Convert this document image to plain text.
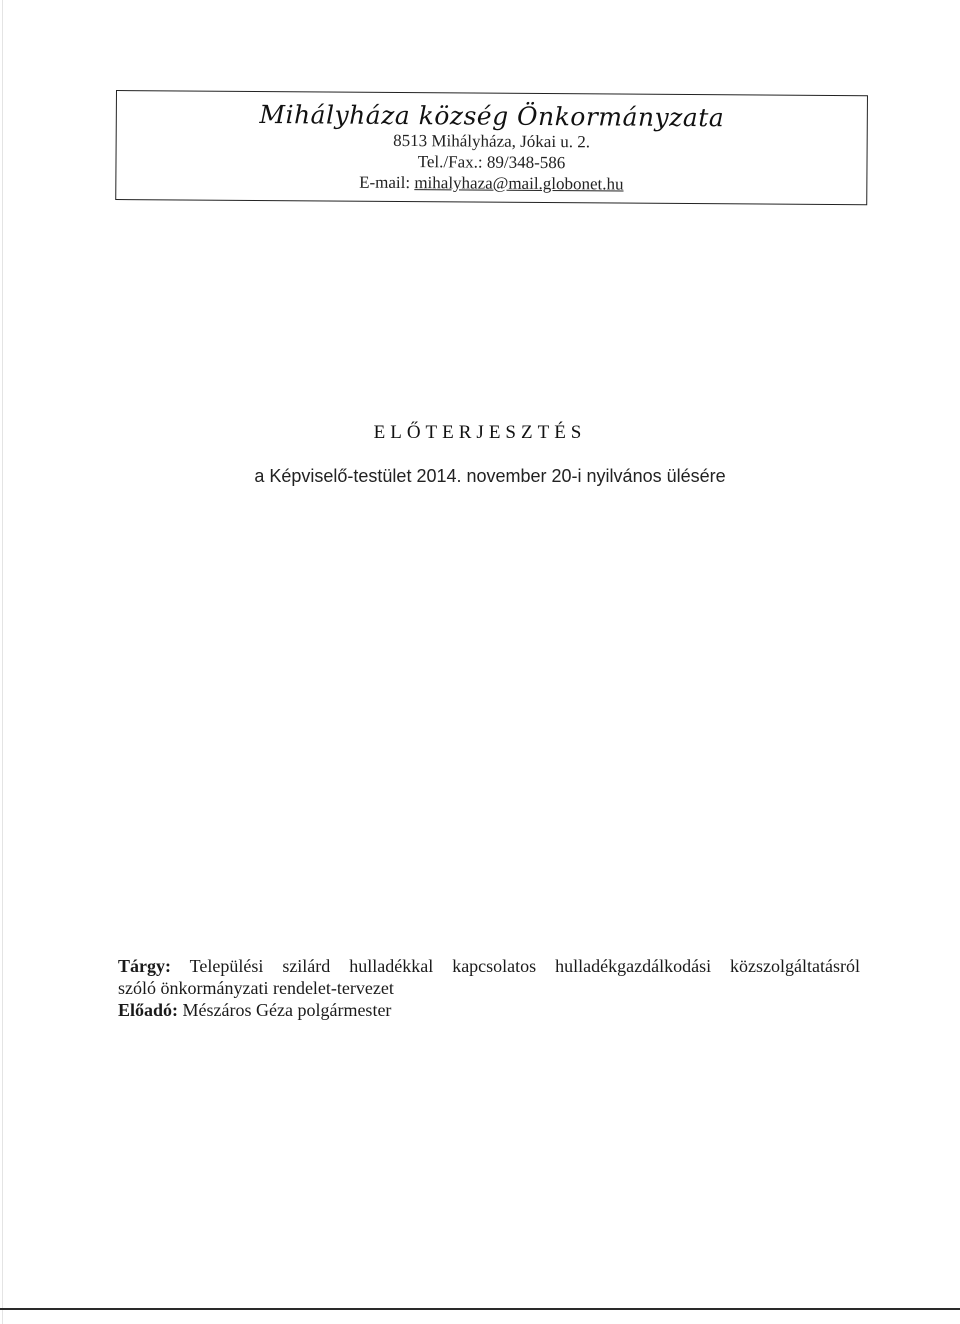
Mihályháza község Önkormányzata
8513 Mihályháza, Jókai u. 2.
Tel./Fax.: 89/348-586
E-mail: mihalyhaza@mail.globonet.hu
ELŐTERJESZTÉS
a Képviselő-testület 2014. november 20-i nyilvános ülésére
Tárgy: Települési szilárd hulladékkal kapcsolatos hulladékgazdálkodási közszolgáltatásról
szóló önkormányzati rendelet-tervezet
Előadó: Mészáros Géza polgármester
